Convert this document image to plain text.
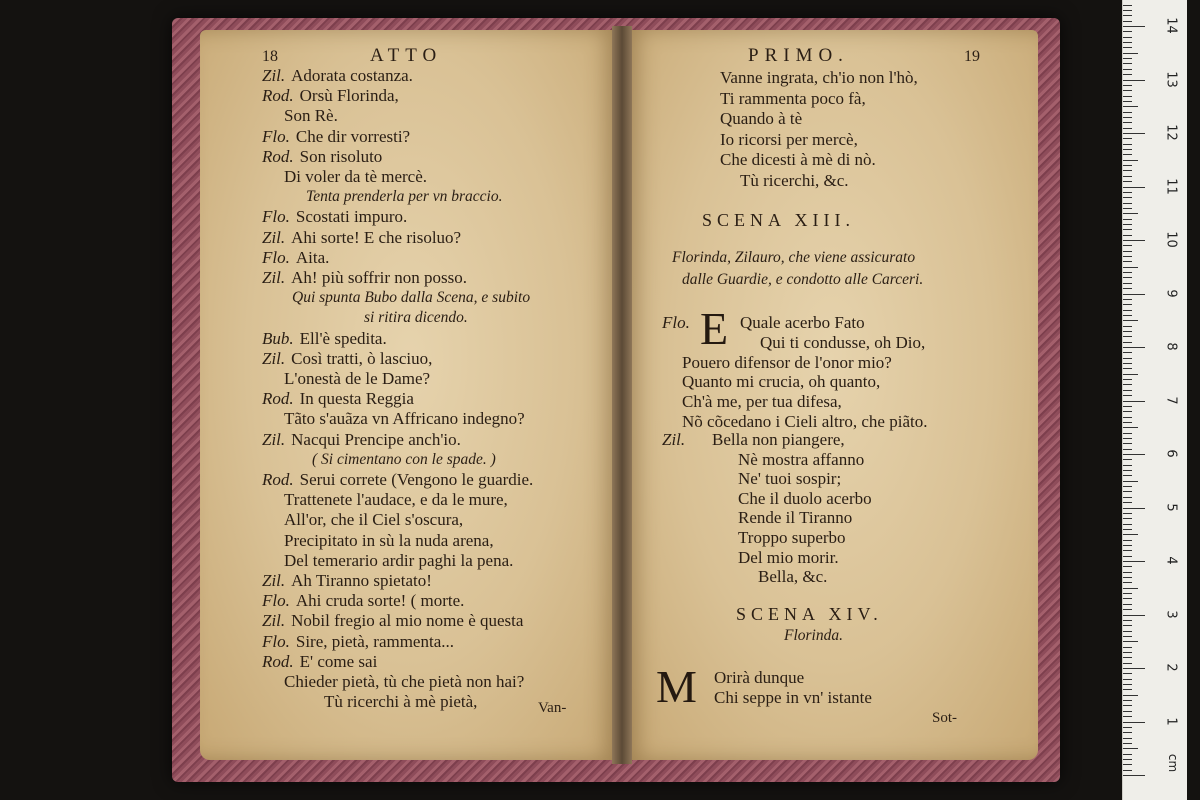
18	ATTO
Zil. Adorata costanza.
Rod. Orsù Florinda,
Son Rè.
Flo. Che dir vorresti?
Rod. Son risoluto
Di voler da tè mercè.
Tenta prenderla per vn braccio.
Flo. Scostati impuro.
Zil. Ahi sorte! E che risoluo?
Flo. Aita.
Zil. Ah! più soffrir non posso.
Qui spunta Bubo dalla Scena, e subito
si ritira dicendo.
Bub. Ell'è spedita.
Zil. Così tratti, ò lasciuo,
L'onestà de le Dame?
Rod. In questa Reggia
Tãto s'auãza vn Affricano indegno?
Zil. Nacqui Prencipe anch'io.
( Si cimentano con le spade. )
Rod. Serui correte (Vengono le guardie.
Trattenete l'audace, e da le mure,
All'or, che il Ciel s'oscura,
Precipitato in sù la nuda arena,
Del temerario ardir paghi la pena.
Zil. Ah Tiranno spietato!
Flo. Ahi cruda sorte! ( morte.
Zil. Nobil fregio al mio nome è questa
Flo. Sire, pietà, rammenta...
Rod. E' come sai
Chieder pietà, tù che pietà non hai?
Tù ricerchi à mè pietà,	Van-
PRIMO.	19
Vanne ingrata, ch'io non l'hò,
Ti rammenta poco fà,
Quando à tè
Io ricorsi per mercè,
Che dicesti à mè di nò.
Tù ricerchi, &c.
SCENA XIII.
Florinda, Zilauro, che viene assicurato
dalle Guardie, e condotto alle Carceri.
Flo. E Quale acerbo Fato
Qui ti condusse, oh Dio,
Pouero difensor de l'onor mio?
Quanto mi crucia, oh quanto,
Ch'à me, per tua difesa,
Nõ cõcedano i Cieli altro, che piãto.
Zil. Bella non piangere,
Nè mostra affanno
Ne' tuoi sospir;
Che il duolo acerbo
Rende il Tiranno
Troppo superbo
Del mio morir.
Bella, &c.
SCENA XIV.
Florinda.
M Orirà dunque
Chi seppe in vn' istante
Sot-
cm
1
2
3
4
5
6
7
8
9
10
11
12
13
14
